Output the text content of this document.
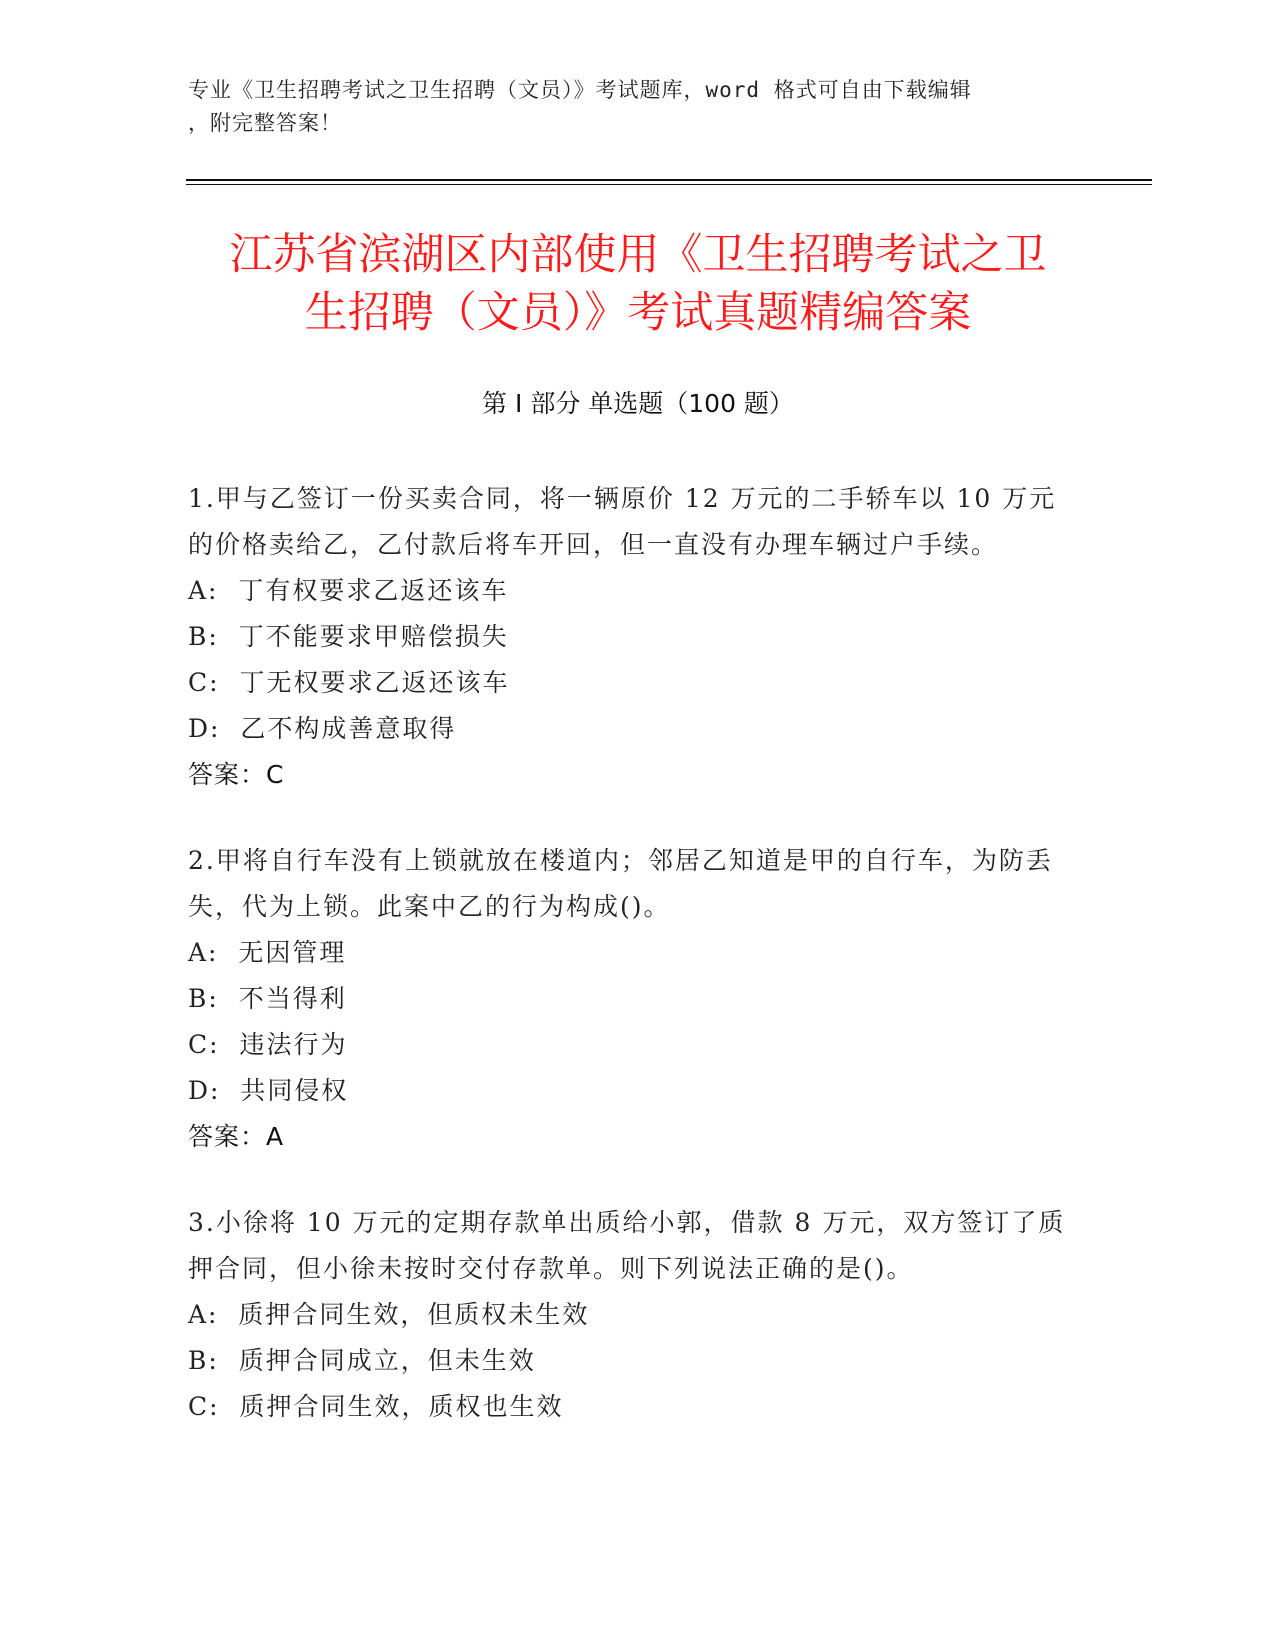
专业《卫生招聘考试之卫生招聘（文员）》考试题库，word 格式可自由下载编辑
，附完整答案！
江苏省滨湖区内部使用《卫生招聘考试之卫
生招聘（文员）》考试真题精编答案
第 I 部分 单选题（100 题）
1.甲与乙签订一份买卖合同，将一辆原价 12 万元的二手轿车以 10 万元的价格卖给乙，乙付款后将车开回，但一直没有办理车辆过户手续。
A:  丁有权要求乙返还该车
B:  丁不能要求甲赔偿损失
C:  丁无权要求乙返还该车
D:  乙不构成善意取得
答案：C
2.甲将自行车没有上锁就放在楼道内；邻居乙知道是甲的自行车，为防丢失，代为上锁。此案中乙的行为构成()。
A:  无因管理
B:  不当得利
C:  违法行为
D:  共同侵权
答案：A
3.小徐将 10 万元的定期存款单出质给小郭，借款 8 万元，双方签订了质押合同，但小徐未按时交付存款单。则下列说法正确的是()。
A:  质押合同生效，但质权未生效
B:  质押合同成立，但未生效
C:  质押合同生效，质权也生效
